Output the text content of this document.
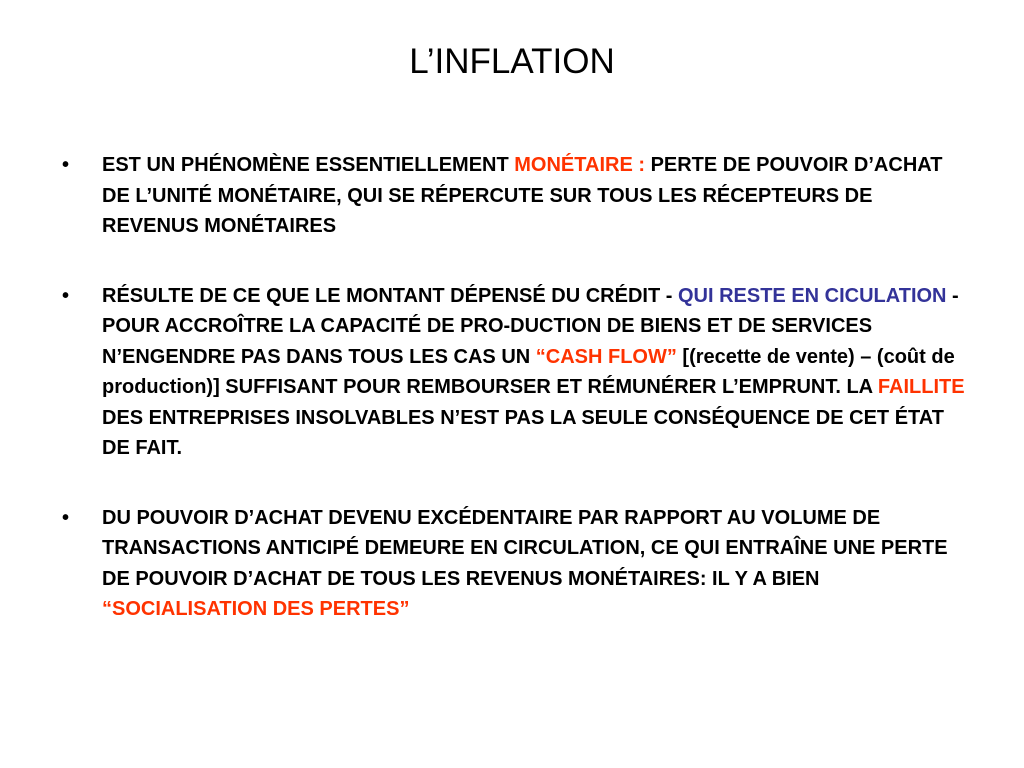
L’INFLATION
• EST UN PHÉNOMÈNE ESSENTIELLEMENT MONÉTAIRE : PERTE DE POUVOIR D’ACHAT DE L’UNITÉ MONÉTAIRE, QUI SE RÉPERCUTE SUR TOUS LES RÉCEPTEURS DE REVENUS MONÉTAIRES
• RÉSULTE DE CE QUE LE MONTANT DÉPENSÉ DU CRÉDIT - QUI RESTE EN CICULATION - POUR ACCROÎTRE LA CAPACITÉ DE PRO-DUCTION DE BIENS ET DE SERVICES N’ENGENDRE PAS DANS TOUS LES CAS UN “CASH FLOW” [(recette de vente) – (coût de production)] SUFFISANT POUR REMBOURSER ET RÉMUNÉRER L’EMPRUNT. LA FAILLITE DES ENTREPRISES INSOLVABLES N’EST PAS LA SEULE CONSÉQUENCE DE CET ÉTAT DE FAIT.
• DU POUVOIR D’ACHAT DEVENU EXCÉDENTAIRE PAR RAPPORT AU VOLUME DE TRANSACTIONS ANTICIPÉ DEMEURE EN CIRCULATION, CE QUI ENTRAÎNE UNE PERTE DE POUVOIR D’ACHAT DE TOUS LES REVENUS MONÉTAIRES: IL Y A BIEN “SOCIALISATION DES PERTES”
